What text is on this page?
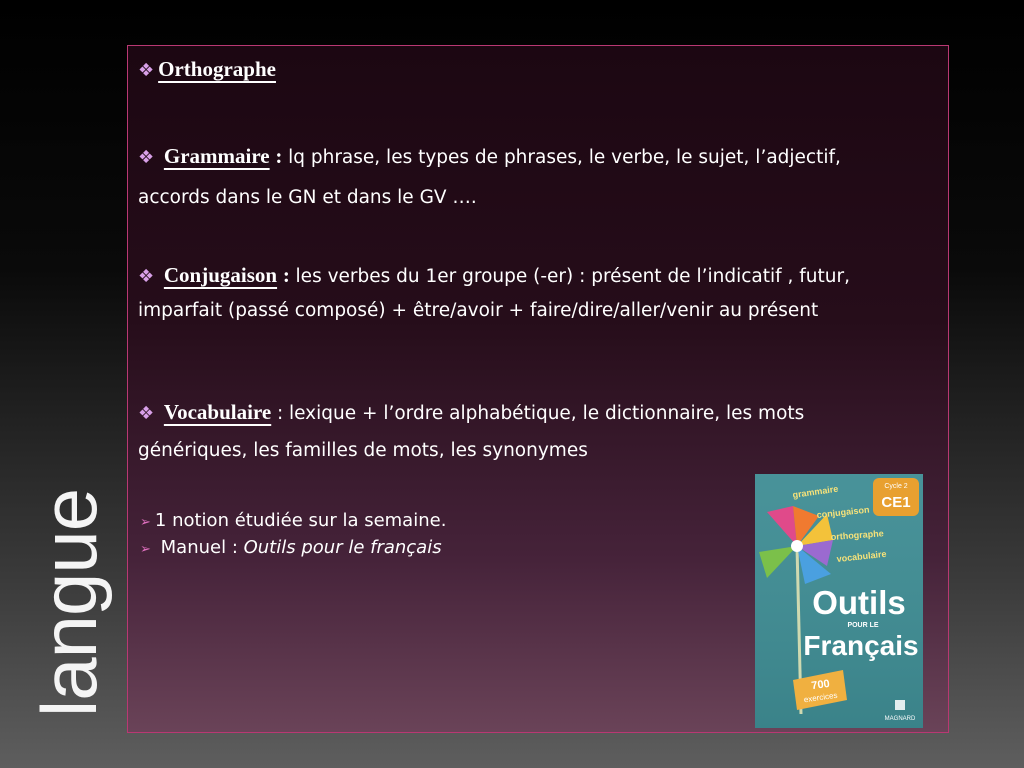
langue
❖ Orthographe
❖ Grammaire : lq phrase, les types de phrases, le verbe, le sujet, l’adjectif, accords dans le GN et dans le GV ….
❖ Conjugaison : les verbes du 1er groupe (-er) : présent de l’indicatif , futur, imparfait (passé composé) + être/avoir + faire/dire/aller/venir au présent
❖ Vocabulaire : lexique + l’ordre alphabétique, le dictionnaire, les mots génériques, les familles de mots, les synonymes
➢ 1 notion étudiée sur la semaine.
➢ Manuel : Outils pour le français
Cycle 2
CE1
grammaire
conjugaison
orthographe
vocabulaire
Outils
POUR LE
Français
700
exercices
MAGNARD
